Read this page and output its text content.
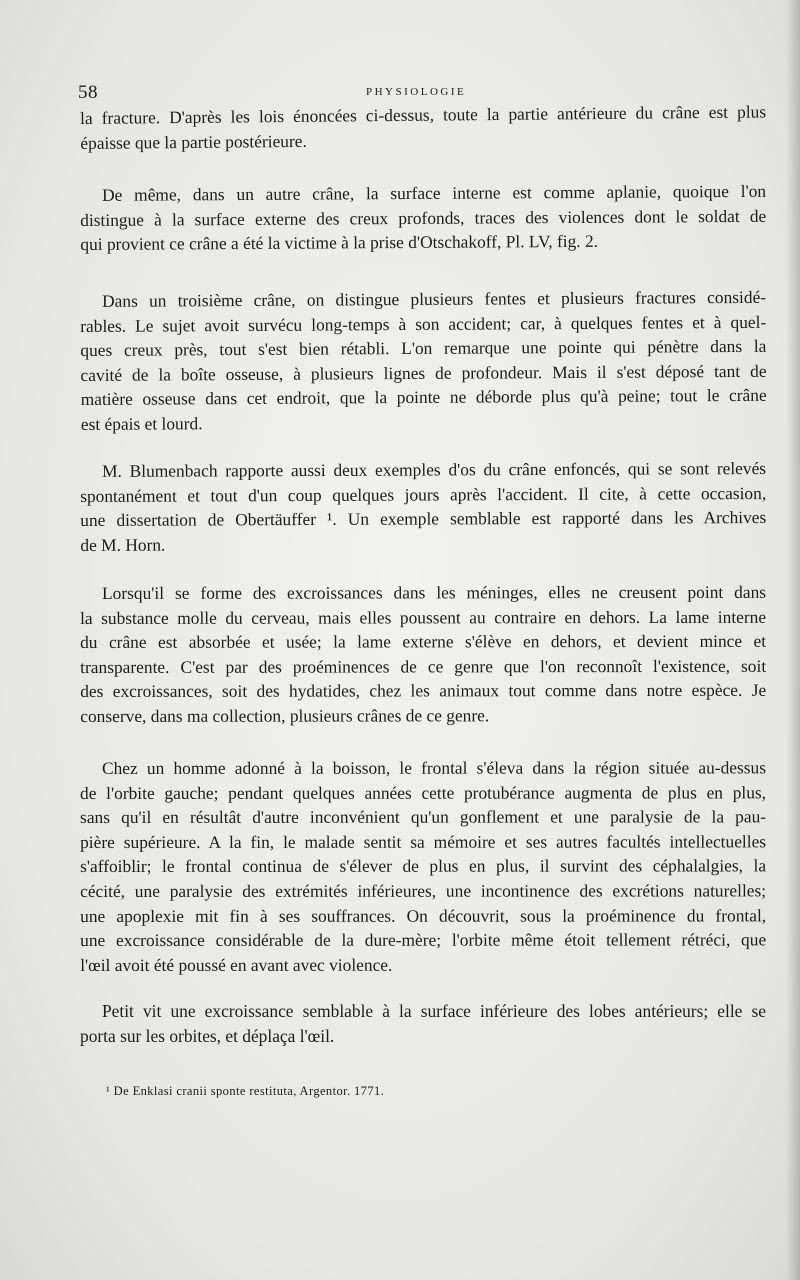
58	PHYSIOLOGIE

la fracture. D'après les lois énoncées ci-dessus, toute la partie antérieure du crâne est plus
épaisse que la partie postérieure.

De même, dans un autre crâne, la surface interne est comme aplanie, quoique l'on
distingue à la surface externe des creux profonds, traces des violences dont le soldat de
qui provient ce crâne a été la victime à la prise d'Otschakoff, Pl. LV, fig. 2.

Dans un troisième crâne, on distingue plusieurs fentes et plusieurs fractures considé-
rables. Le sujet avoit survécu long-temps à son accident; car, à quelques fentes et à quel-
ques creux près, tout s'est bien rétabli. L'on remarque une pointe qui pénètre dans la
cavité de la boîte osseuse, à plusieurs lignes de profondeur. Mais il s'est déposé tant de
matière osseuse dans cet endroit, que la pointe ne déborde plus qu'à peine; tout le crâne
est épais et lourd.

M. Blumenbach rapporte aussi deux exemples d'os du crâne enfoncés, qui se sont relevés
spontanément et tout d'un coup quelques jours après l'accident. Il cite, à cette occasion,
une dissertation de Obertäuffer ¹. Un exemple semblable est rapporté dans les Archives
de M. Horn.

Lorsqu'il se forme des excroissances dans les méninges, elles ne creusent point dans
la substance molle du cerveau, mais elles poussent au contraire en dehors. La lame interne
du crâne est absorbée et usée; la lame externe s'élève en dehors, et devient mince et
transparente. C'est par des proéminences de ce genre que l'on reconnoît l'existence, soit
des excroissances, soit des hydatides, chez les animaux tout comme dans notre espèce. Je
conserve, dans ma collection, plusieurs crânes de ce genre.

Chez un homme adonné à la boisson, le frontal s'éleva dans la région située au-dessus
de l'orbite gauche; pendant quelques années cette protubérance augmenta de plus en plus,
sans qu'il en résultât d'autre inconvénient qu'un gonflement et une paralysie de la pau-
pière supérieure. A la fin, le malade sentit sa mémoire et ses autres facultés intellectuelles
s'affoiblir; le frontal continua de s'élever de plus en plus, il survint des céphalalgies, la
cécité, une paralysie des extrémités inférieures, une incontinence des excrétions naturelles;
une apoplexie mit fin à ses souffrances. On découvrit, sous la proéminence du frontal,
une excroissance considérable de la dure-mère; l'orbite même étoit tellement rétréci, que
l'œil avoit été poussé en avant avec violence.

Petit vit une excroissance semblable à la surface inférieure des lobes antérieurs; elle se
porta sur les orbites, et déplaça l'œil.

¹ De Enklasi cranii sponte restituta, Argentor. 1771.
